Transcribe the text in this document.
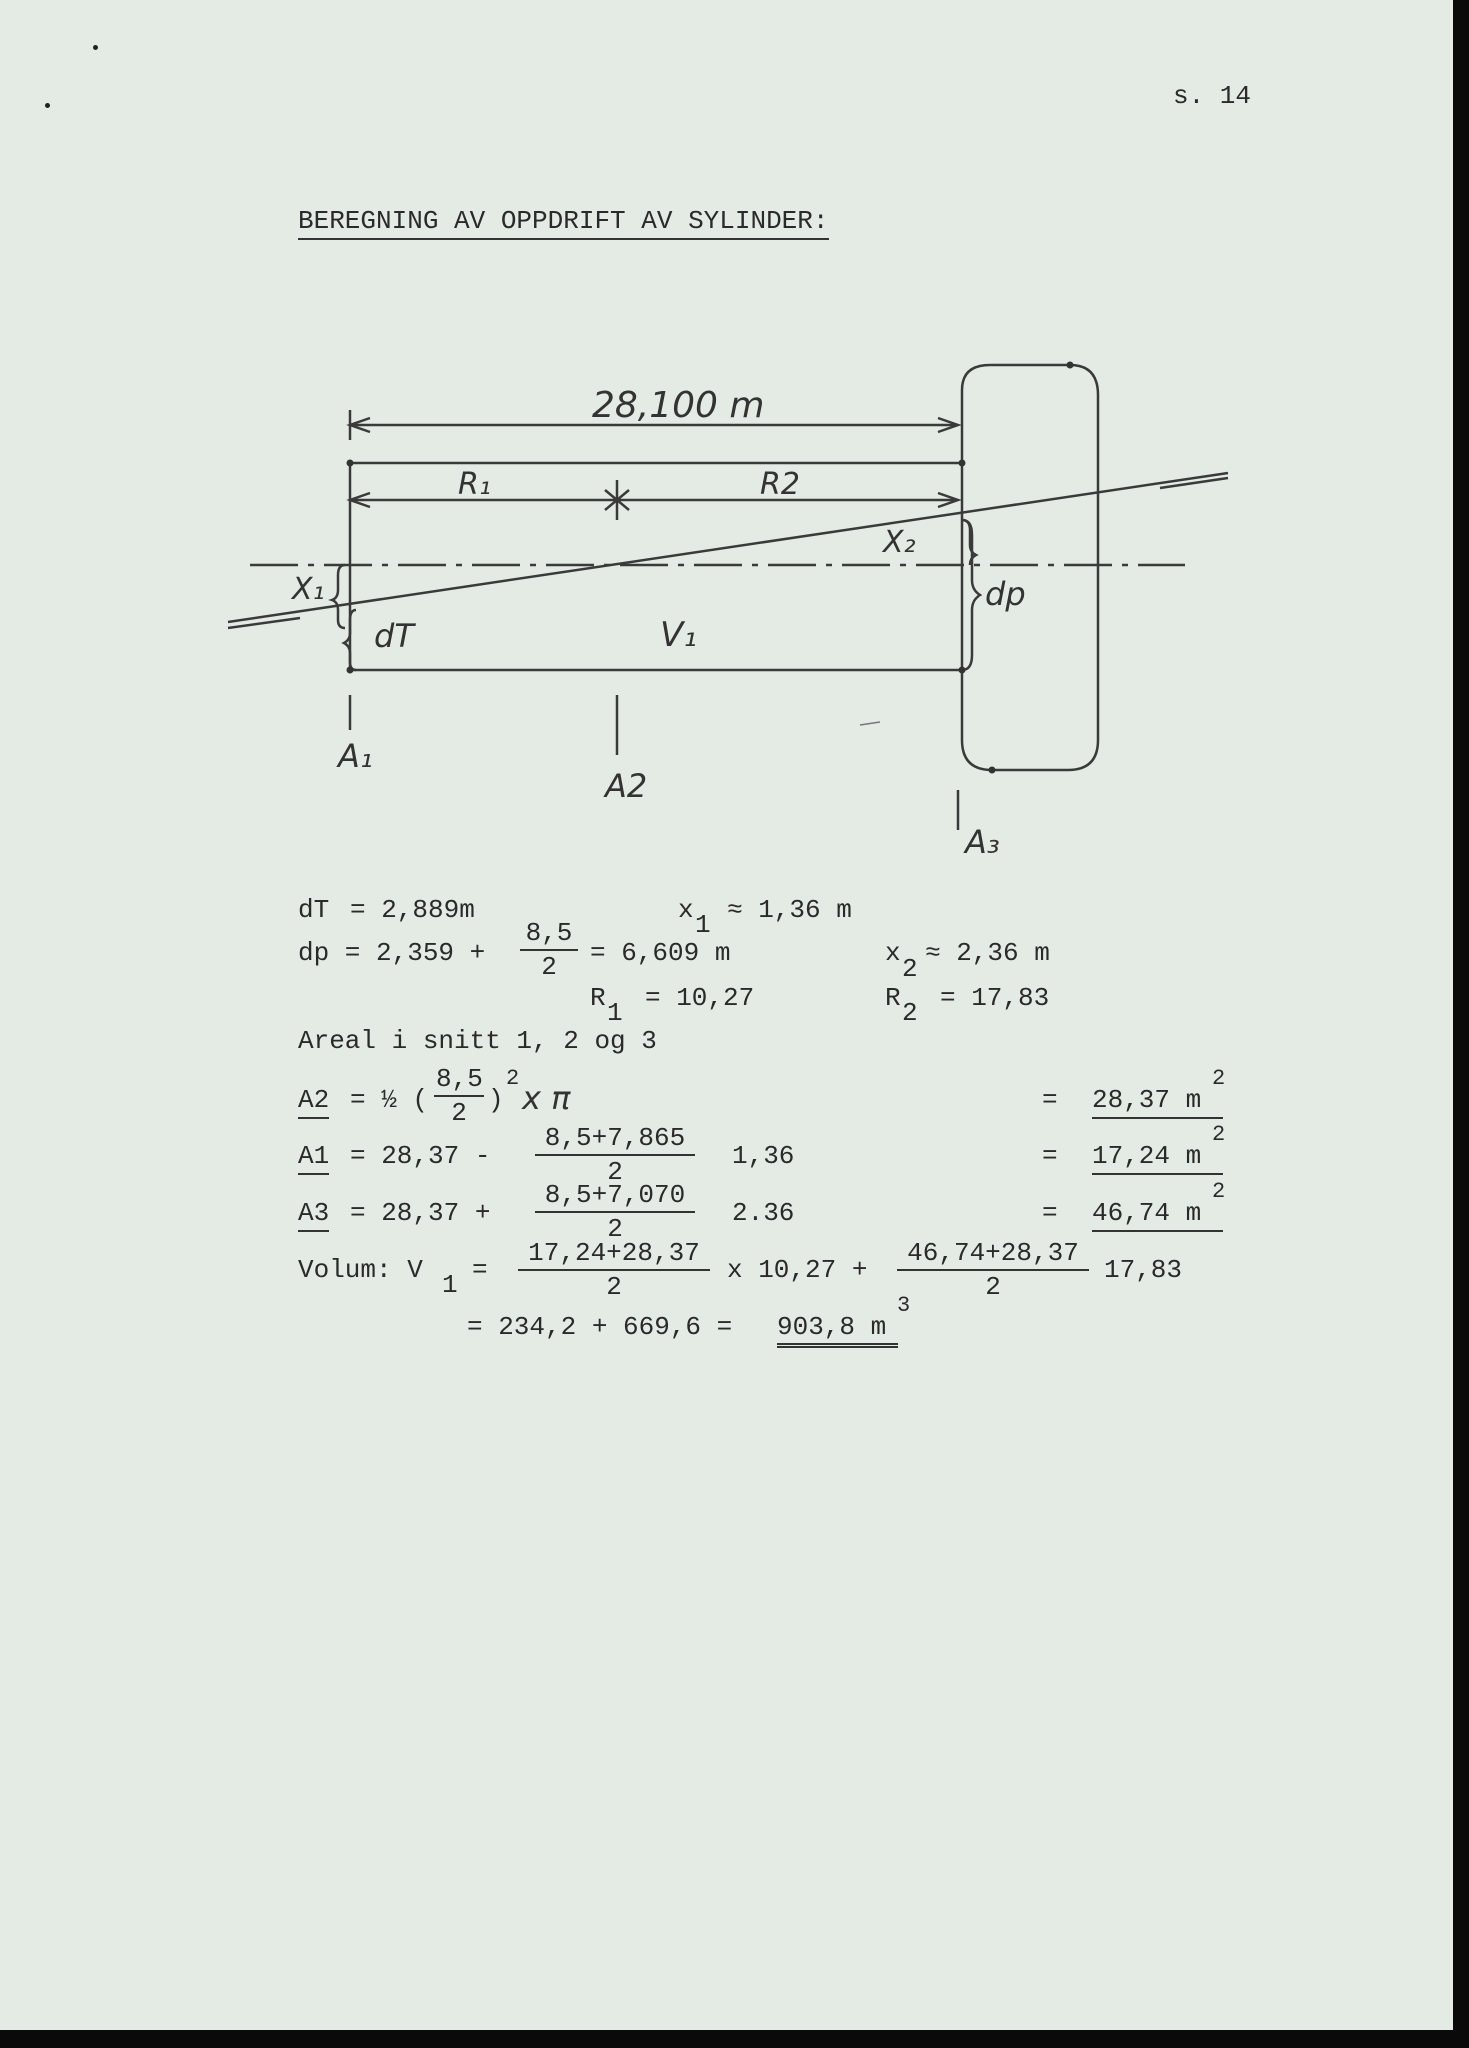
s. 14
BEREGNING AV OPPDRIFT AV SYLINDER:
28,100 m
R₁	R2
X₁
X₂
dT
dp
V₁
A₁
A2
A₃
dT = 2,889m	x 1 ≈ 1,36 m
dp = $2,359 + \frac{8,5}{2} = 6,609$ m	x
2
≈ 2,36 m
R 1 = 10,27	R 2 = 17,83
Areal i snitt 1, 2 og 3
A2 = ½ ( $\frac{8,5}{2}$ )
2
x π	= 28,37 m
2
$A1 = 28,37 - \frac{8,5+7,865}{2} 1,36$	= 17,24 m
2
$A3 = 28,37 + \frac{8,5+7,070}{2} 2.36$	= 46,74 m
2
Volum: V $1 = \frac{17,24+28,37}{2}$ x $10,27 + \frac{46,74+28,37}{2} 17,83$
= 234,2 + 669,6 = 903,8 m
3
